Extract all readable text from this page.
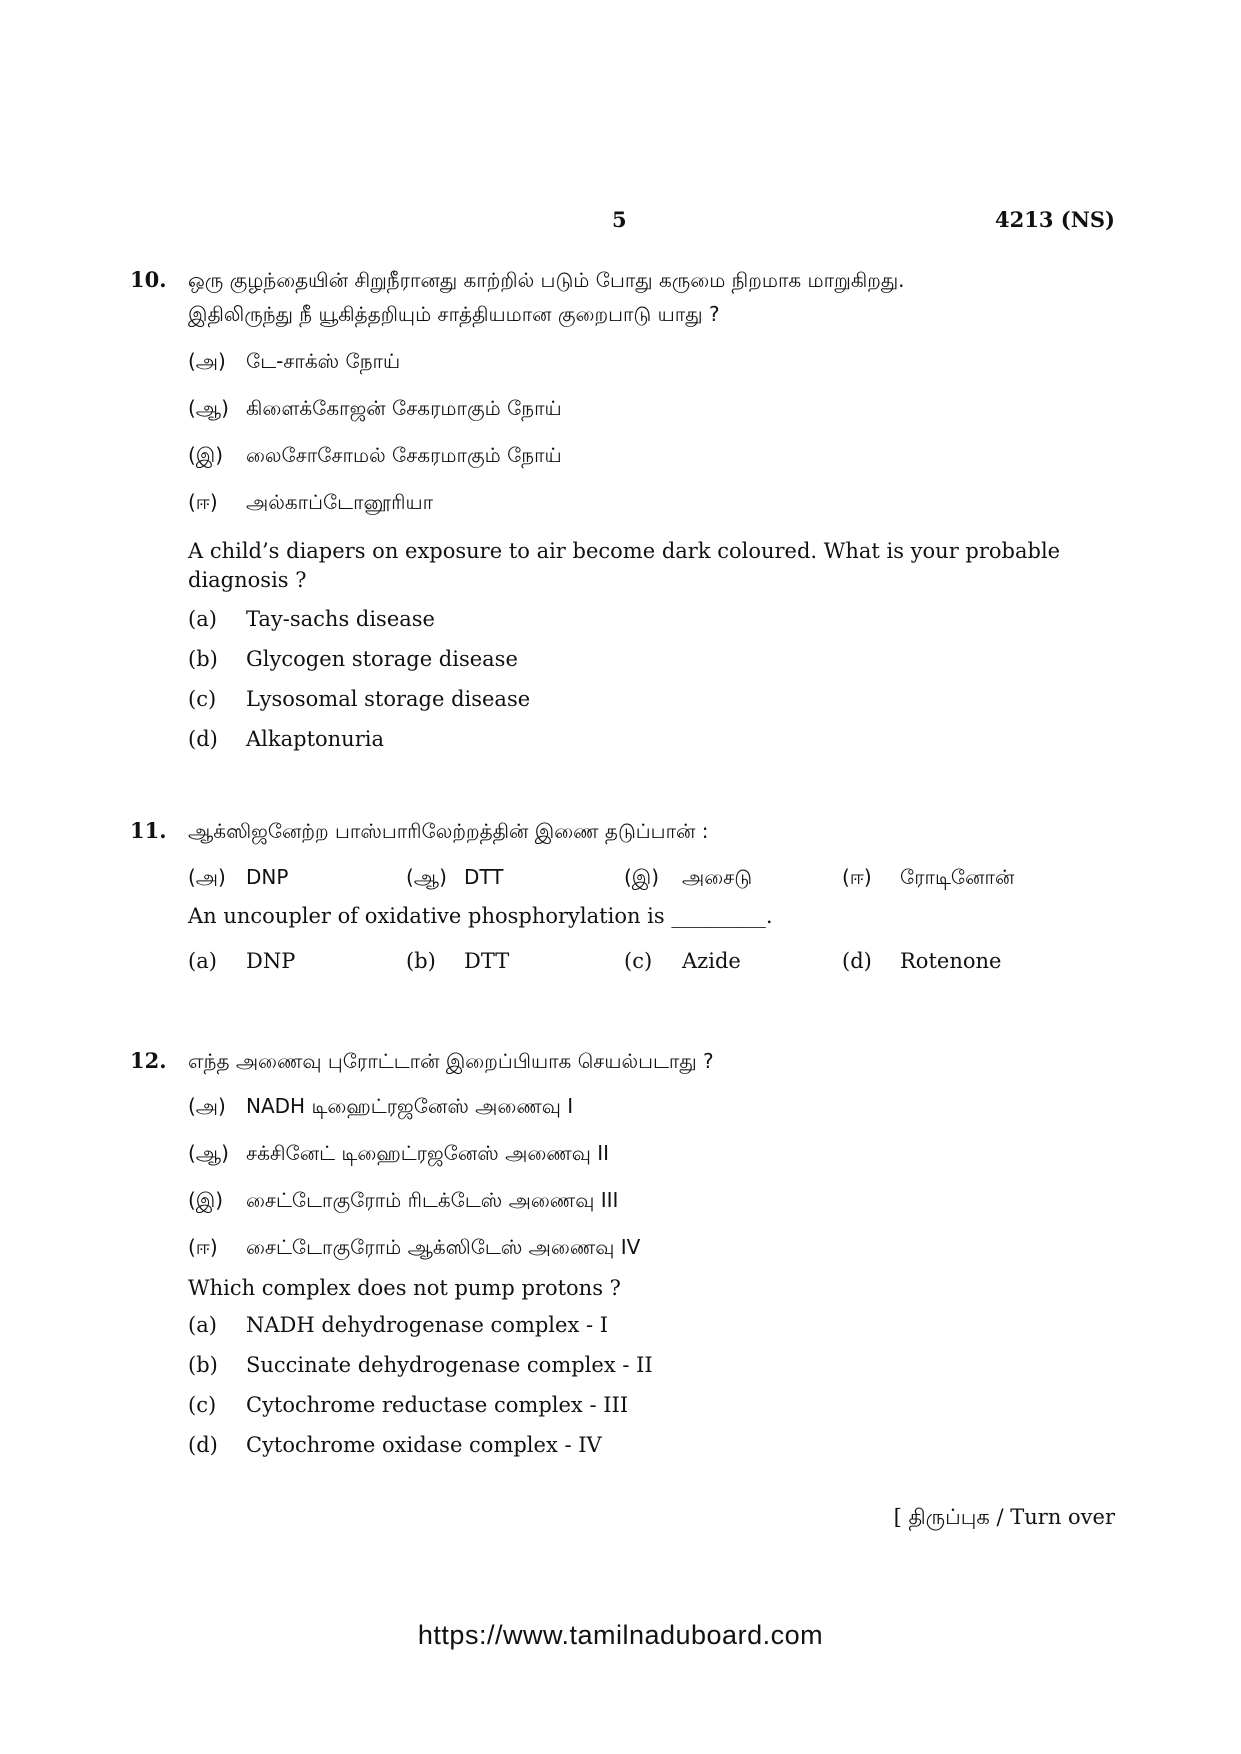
5	4213 (NS)
10. ஒரு குழந்தையின் சிறுநீரானது காற்றில் படும் போது கருமை நிறமாக மாறுகிறது.

இதிலிருந்து நீ யூகித்தறியும் சாத்தியமான குறைபாடு யாது ?

(அ)	டே-சாக்ஸ் நோய்
(ஆ) கிளைக்கோஜன் சேகரமாகும் நோய்
(இ)	லைசோசோமல் சேகரமாகும் நோய்
(ஈ)	அல்காப்டோனூரியா

A child’s diapers on exposure to air become dark coloured. What is your probable diagnosis ?

(a)	Tay-sachs disease
(b)	Glycogen storage disease
(c)	Lysosomal storage disease
(d)	Alkaptonuria
11. ஆக்ஸிஜனேற்ற பாஸ்பாரிலேற்றத்தின் இணை தடுப்பான் :

(அ)	DNP	(ஆ) DTT	(இ)	அசைடு	(ஈ)	ரோடினோன்

An uncoupler of oxidative phosphorylation is _________.

(a)	DNP	(b)	DTT	(c)	Azide	(d)	Rotenone
12. எந்த அணைவு புரோட்டான் இறைப்பியாக செயல்படாது ?

(அ)	NADH டிஹைட்ரஜனேஸ் அணைவு I
(ஆ) சக்சினேட் டிஹைட்ரஜனேஸ் அணைவு II
(இ)	சைட்டோகுரோம் ரிடக்டேஸ் அணைவு III
(ஈ)	சைட்டோகுரோம் ஆக்ஸிடேஸ் அணைவு IV

Which complex does not pump protons ?

(a)	NADH dehydrogenase complex - I
(b)	Succinate dehydrogenase complex - II
(c)	Cytochrome reductase complex - III
(d)	Cytochrome oxidase complex - IV
[ திருப்புக / Turn over
https://www.tamilnaduboard.com
